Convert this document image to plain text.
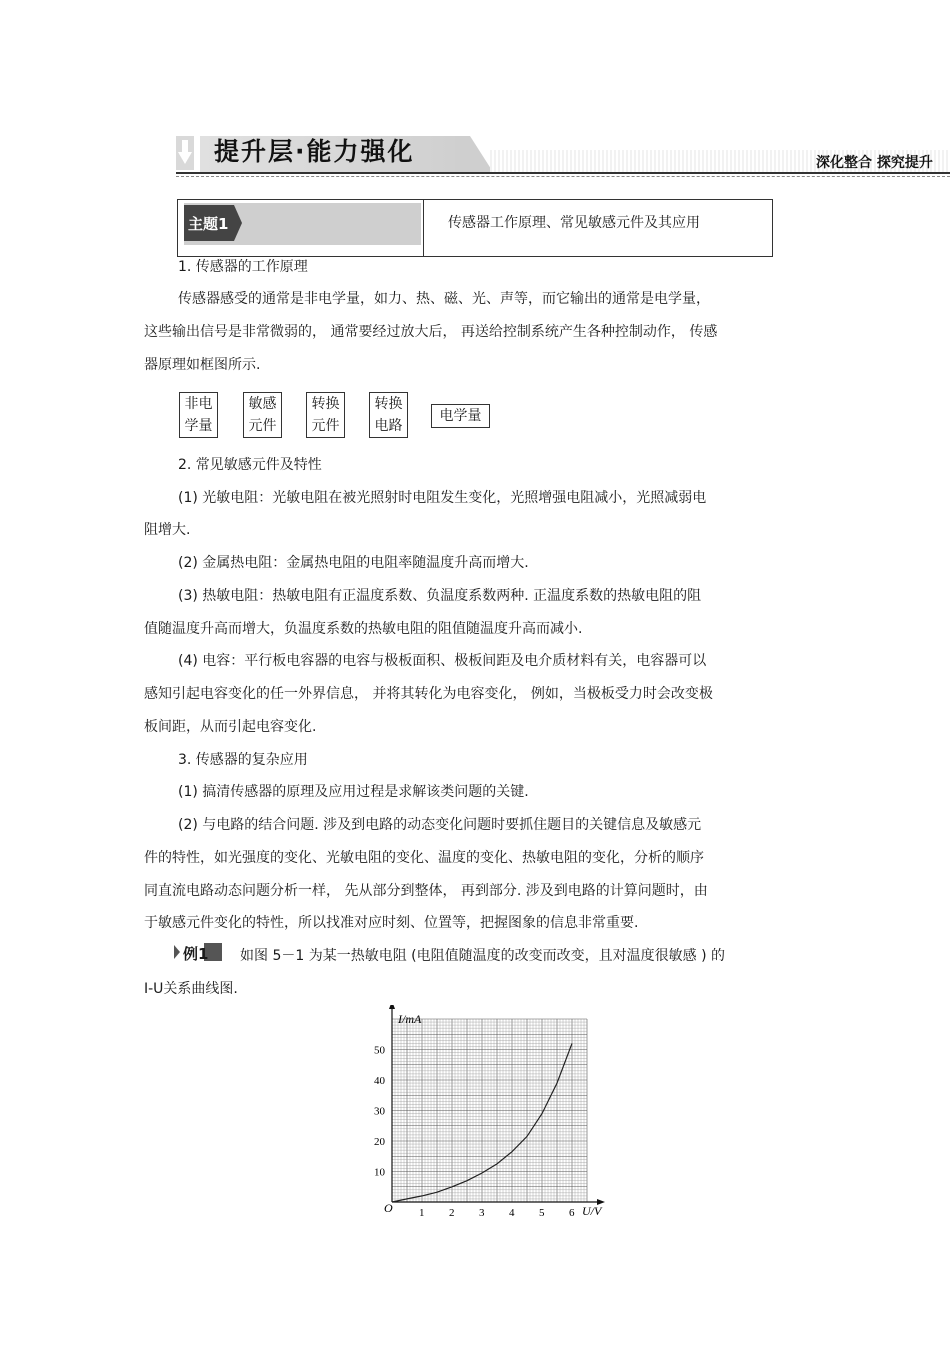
提升层·能力强化	深化整合 探究提升
主题1	传感器工作原理、常见敏感元件及其应用
1. 传感器的工作原理
传感器感受的通常是非电学量，如力、热、磁、光、声等，而它输出的通常是电学量，
这些输出信号是非常微弱的， 通常要经过放大后， 再送给控制系统产生各种控制动作， 传感
器原理如框图所示.
非电
学量
敏感
元件
转换
元件
转换
电路
电学量
2. 常见敏感元件及特性
(1) 光敏电阻：光敏电阻在被光照射时电阻发生变化，光照增强电阻减小，光照减弱电
阻增大.
(2) 金属热电阻：金属热电阻的电阻率随温度升高而增大.
(3) 热敏电阻：热敏电阻有正温度系数、负温度系数两种. 正温度系数的热敏电阻的阻
值随温度升高而增大，负温度系数的热敏电阻的阻值随温度升高而减小.
(4) 电容：平行板电容器的电容与极板面积、极板间距及电介质材料有关，电容器可以
感知引起电容变化的任一外界信息， 并将其转化为电容变化， 例如，当极板受力时会改变极
板间距，从而引起电容变化.
3. 传感器的复杂应用
(1) 搞清传感器的原理及应用过程是求解该类问题的关键.
(2) 与电路的结合问题. 涉及到电路的动态变化问题时要抓住题目的关键信息及敏感元
件的特性，如光强度的变化、光敏电阻的变化、温度的变化、热敏电阻的变化，分析的顺序
同直流电路动态问题分析一样， 先从部分到整体， 再到部分. 涉及到电路的计算问题时，由
于敏感元件变化的特性，所以找准对应时刻、位置等，把握图象的信息非常重要.
例1 如图 5－1 为某一热敏电阻 (电阻值随温度的改变而改变，且对温度很敏感 ) 的
I-U关系曲线图.
1 2 3 4 5 6
10
20
30
40
50
I/mA
U/V
O
